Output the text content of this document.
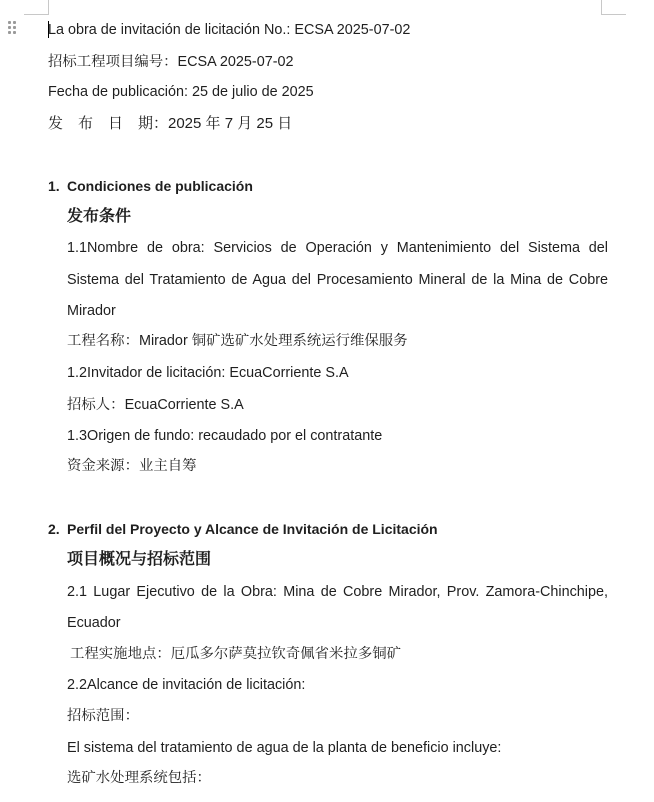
La obra de invitación de licitación No.: ECSA 2025-07-02
招标工程项目编号：ECSA 2025-07-02
Fecha de publicación: 25 de julio de 2025
发　布　日　期：2025 年 7 月 25 日
1. Condiciones de publicación
发布条件
1.1Nombre de obra: Servicios de Operación y Mantenimiento del Sistema del
Sistema del Tratamiento de Agua del Procesamiento Mineral de la Mina de Cobre
Mirador
工程名称：Mirador 铜矿选矿水处理系统运行维保服务
1.2Invitador de licitación: EcuaCorriente S.A
招标人：EcuaCorriente S.A
1.3Origen de fundo: recaudado por el contratante
资金来源：业主自筹
2. Perfil del Proyecto y Alcance de Invitación de Licitación
项目概况与招标范围
2.1 Lugar Ejecutivo de la Obra: Mina de Cobre Mirador, Prov. Zamora-Chinchipe,
Ecuador
工程实施地点：厄瓜多尔萨莫拉钦奇佩省米拉多铜矿
2.2Alcance de invitación de licitación:
招标范围：
El sistema del tratamiento de agua de la planta de beneficio incluye:
选矿水处理系统包括：
